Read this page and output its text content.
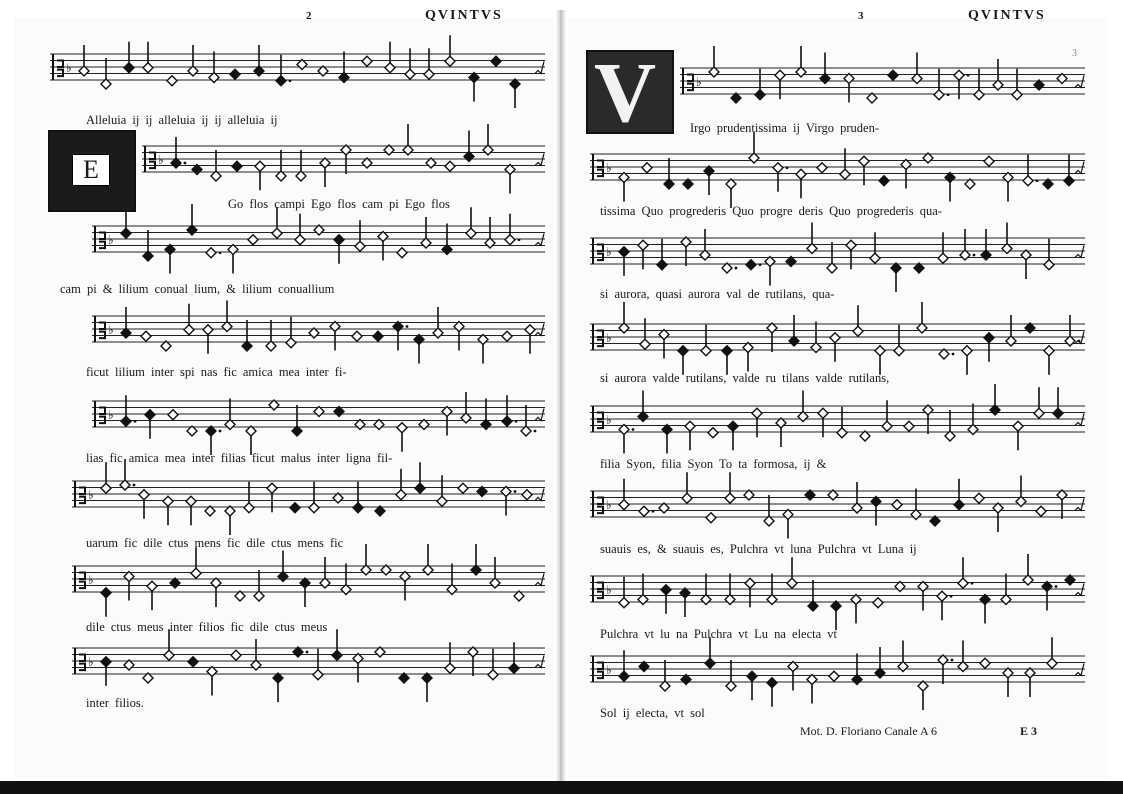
2	QVINTVS
♭
♭
♭
♭
♭
♭
♭
♭
E
Alleluia ij ij alleluia ij ij alleluia ij
Go flos campi Ego flos cam pi Ego flos
cam pi & lilium conual lium, & lilium conuallium
ficut lilium inter spi nas fic amica mea inter fi-
lias fic amica mea inter filias ficut malus inter ligna fil-
uarum fic dile ctus mens fic dile ctus mens fic
dile ctus meus inter filios fic dile ctus meus
inter filios.
3	QVINTVS
3
V	♭
♭
♭
♭
♭
♭
♭
♭
Irgo prudentissima ij Virgo pruden-
tissima Quo progrederis Quo progre deris Quo progrederis qua-
si aurora, quasi aurora val de rutilans, qua-
si aurora valde rutilans, valde ru tilans valde rutilans,
filia Syon, filia Syon To ta formosa, ij &
suauis es, & suauis es, Pulchra vt luna Pulchra vt Luna ij
Pulchra vt lu na Pulchra vt Lu na electa vt
Sol ij electa, vt sol
Mot. D. Floriano Canale A 6	E 3
